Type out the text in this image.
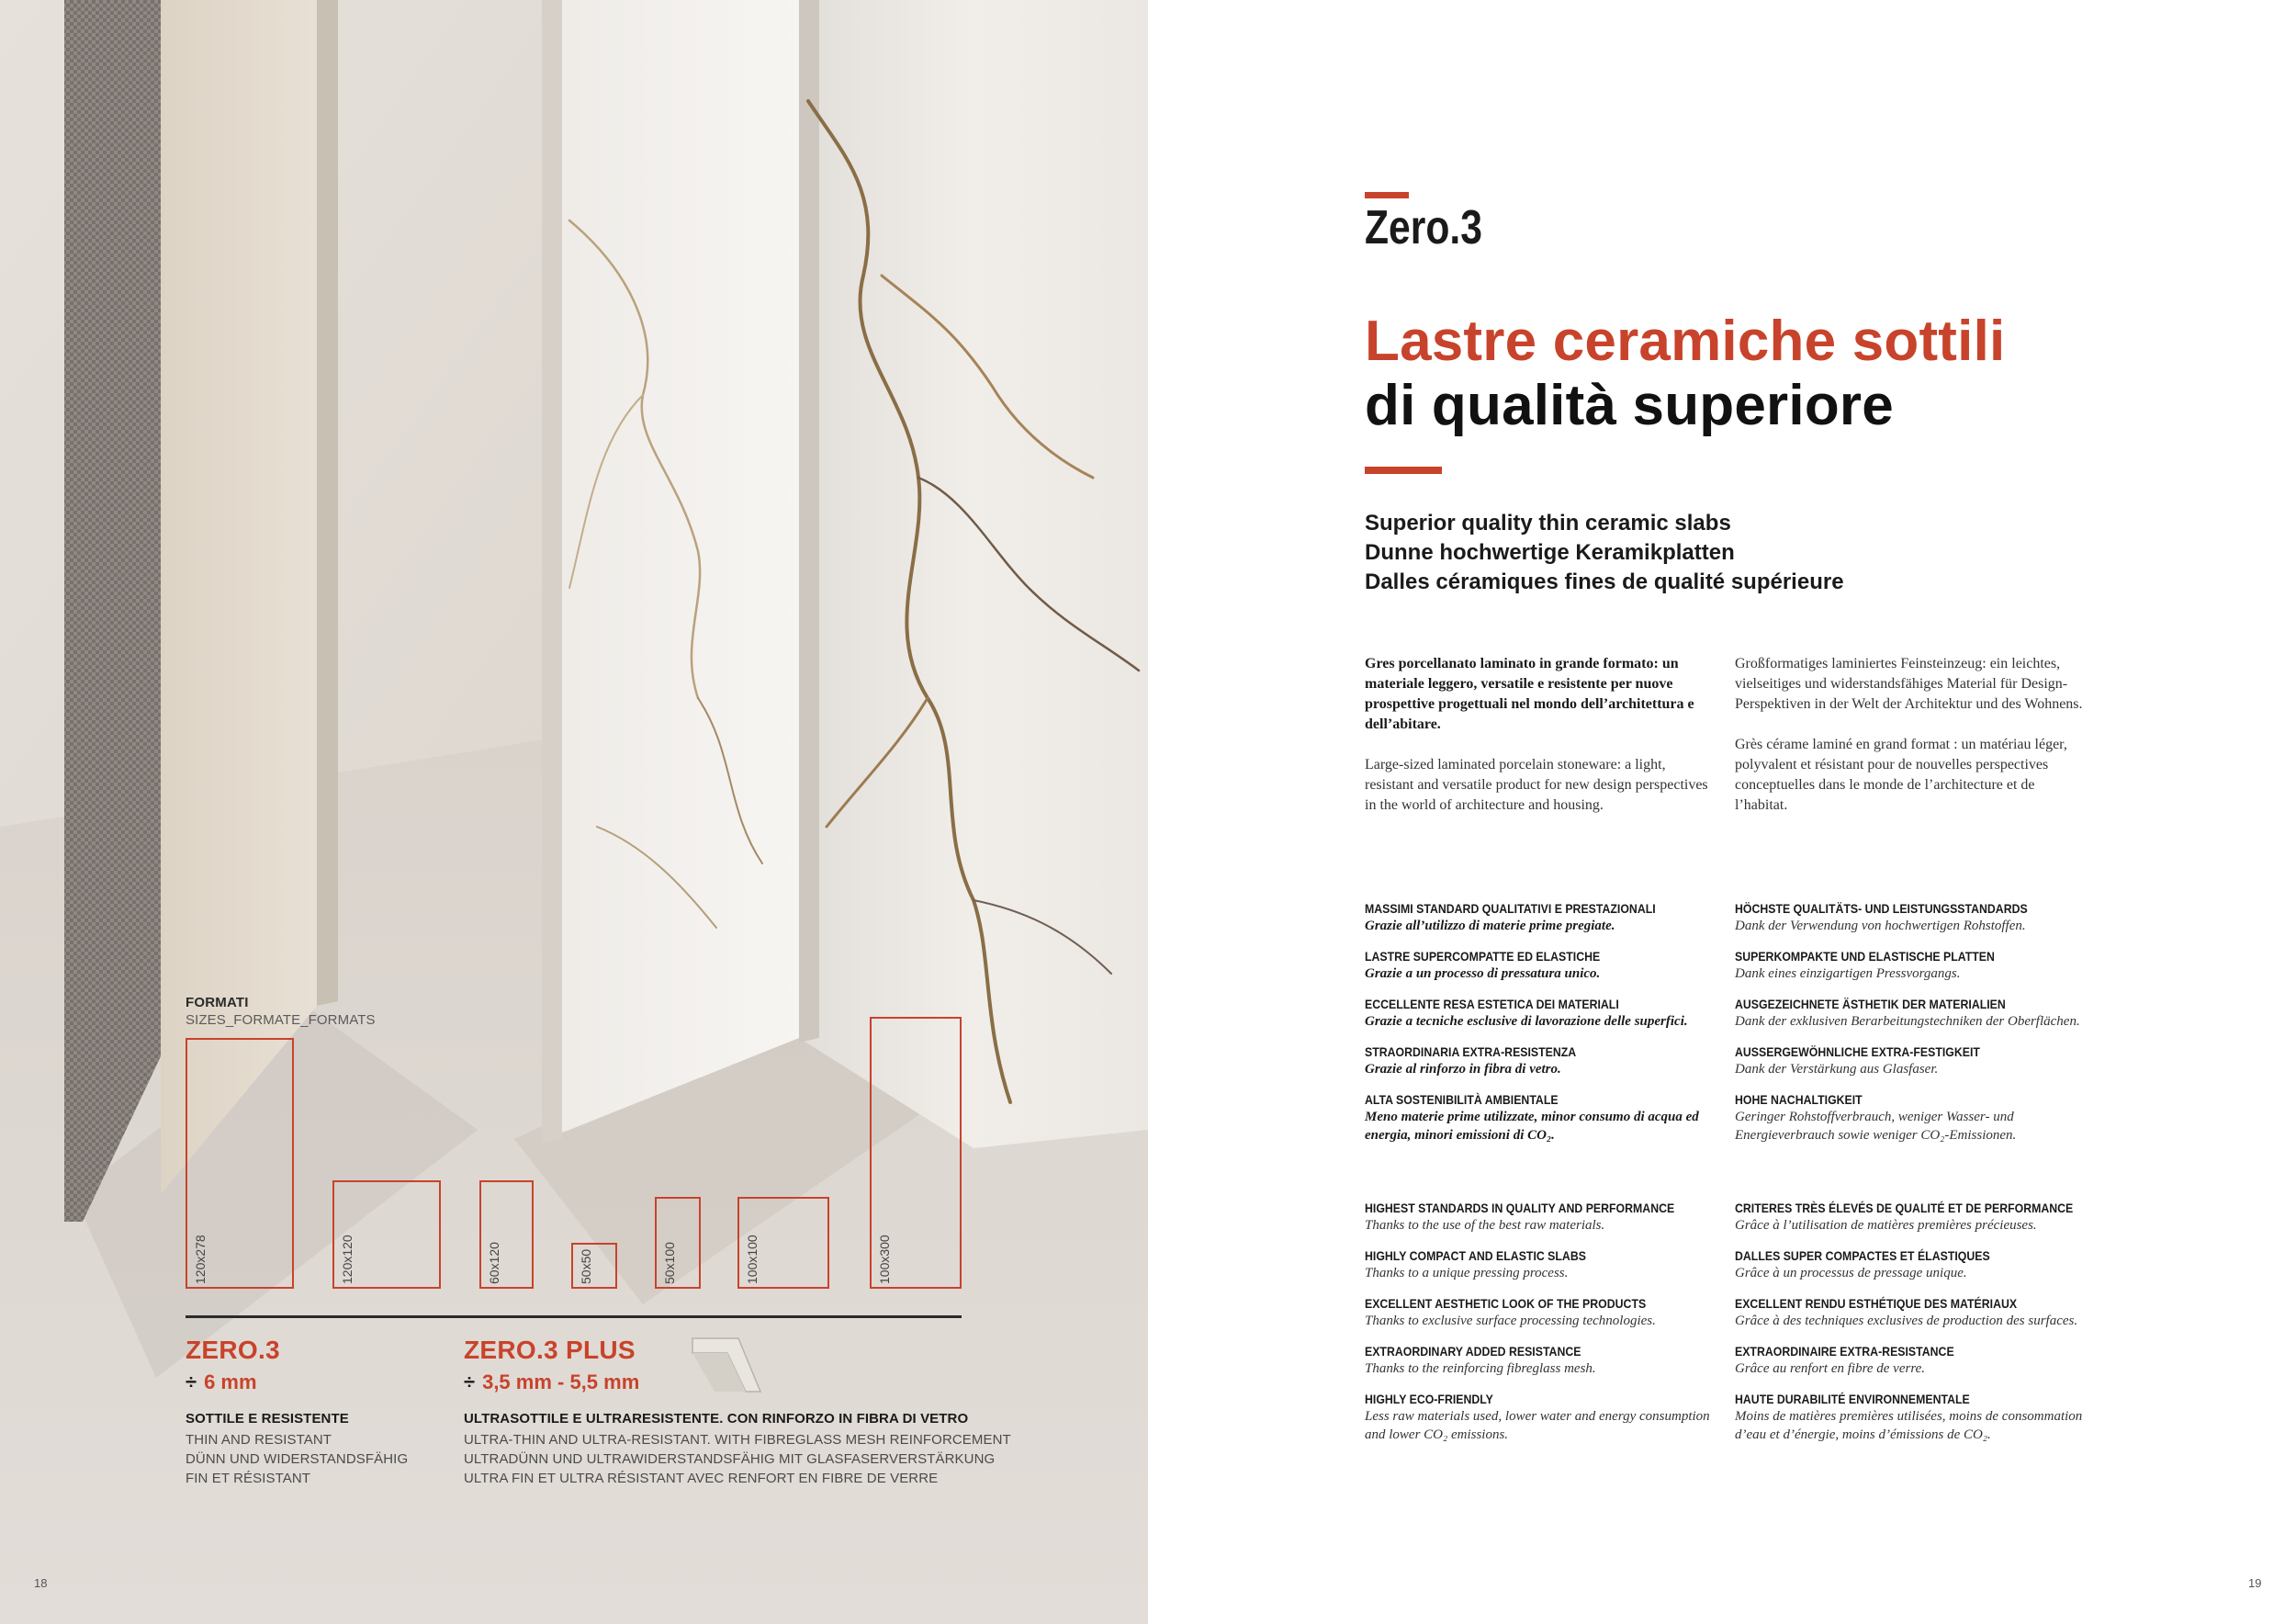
FORMATI
SIZES_FORMATE_FORMATS
120x278	120x120	60x120	50x50	50x100	100x100	100x300
ZERO.3
÷ 6 mm
SOTTILE E RESISTENTE
THIN AND RESISTANT
DÜNN UND WIDERSTANDSFÄHIG
FIN ET RÉSISTANT
ZERO.3 PLUS
÷ 3,5 mm - 5,5 mm
ULTRASOTTILE E ULTRARESISTENTE. CON RINFORZO IN FIBRA DI VETRO
ULTRA-THIN AND ULTRA-RESISTANT. WITH FIBREGLASS MESH REINFORCEMENT
ULTRADÜNN UND ULTRAWIDERSTANDSFÄHIG MIT GLASFASERVERSTÄRKUNG
ULTRA FIN ET ULTRA RÉSISTANT AVEC RENFORT EN FIBRE DE VERRE
18
Zero.3
Lastre ceramiche sottili
di qualità superiore
Superior quality thin ceramic slabs
Dunne hochwertige Keramikplatten
Dalles céramiques fines de qualité supérieure

Gres porcellanato laminato in grande formato: un materiale leggero, versatile e resistente per nuove prospettive progettuali nel mondo dell’architettura e dell’abitare.

Large-sized laminated porcelain stoneware: a light, resistant and versatile product for new design perspectives in the world of architecture and housing.

Großformatiges laminiertes Feinsteinzeug: ein leichtes, vielseitiges und widerstandsfähiges Material für Design-Perspektiven in der Welt der Architektur und des Wohnens.

Grès cérame laminé en grand format : un matériau léger, polyvalent et résistant pour de nouvelles perspectives conceptuelles dans le monde de l’architecture et de l’habitat.

MASSIMI STANDARD QUALITATIVI E PRESTAZIONALI
Grazie all’utilizzo di materie prime pregiate.
LASTRE SUPERCOMPATTE ED ELASTICHE
Grazie a un processo di pressatura unico.
ECCELLENTE RESA ESTETICA DEI MATERIALI
Grazie a tecniche esclusive di lavorazione delle superfici.
STRAORDINARIA EXTRA-RESISTENZA
Grazie al rinforzo in fibra di vetro.
ALTA SOSTENIBILITÀ AMBIENTALE
Meno materie prime utilizzate, minor consumo di acqua ed energia, minori emissioni di CO₂.
HÖCHSTE QUALITÄTS- UND LEISTUNGSSTANDARDS
Dank der Verwendung von hochwertigen Rohstoffen.
SUPERKOMPAKTE UND ELASTISCHE PLATTEN
Dank eines einzigartigen Pressvorgangs.
AUSGEZEICHNETE ÄSTHETIK DER MATERIALIEN
Dank der exklusiven Berarbeitungstechniken der Oberflächen.
AUSSERGEWÖHNLICHE EXTRA-FESTIGKEIT
Dank der Verstärkung aus Glasfaser.
HOHE NACHALTIGKEIT
Geringer Rohstoffverbrauch, weniger Wasser- und Energieverbrauch sowie weniger CO₂-Emissionen.
HIGHEST STANDARDS IN QUALITY AND PERFORMANCE
Thanks to the use of the best raw materials.
HIGHLY COMPACT AND ELASTIC SLABS
Thanks to a unique pressing process.
EXCELLENT AESTHETIC LOOK OF THE PRODUCTS
Thanks to exclusive surface processing technologies.
EXTRAORDINARY ADDED RESISTANCE
Thanks to the reinforcing fibreglass mesh.
HIGHLY ECO-FRIENDLY
Less raw materials used, lower water and energy consumption and lower CO₂ emissions.
CRITERES TRÈS ÉLEVÉS DE QUALITÉ ET DE PERFORMANCE
Grâce à l’utilisation de matières premières précieuses.
DALLES SUPER COMPACTES ET ÉLASTIQUES
Grâce à un processus de pressage unique.
EXCELLENT RENDU ESTHÉTIQUE DES MATÉRIAUX
Grâce à des techniques exclusives de production des surfaces.
EXTRAORDINAIRE EXTRA-RESISTANCE
Grâce au renfort en fibre de verre.
HAUTE DURABILITÉ ENVIRONNEMENTALE
Moins de matières premières utilisées, moins de consommation d’eau et d’énergie, moins d’émissions de CO₂.
19
